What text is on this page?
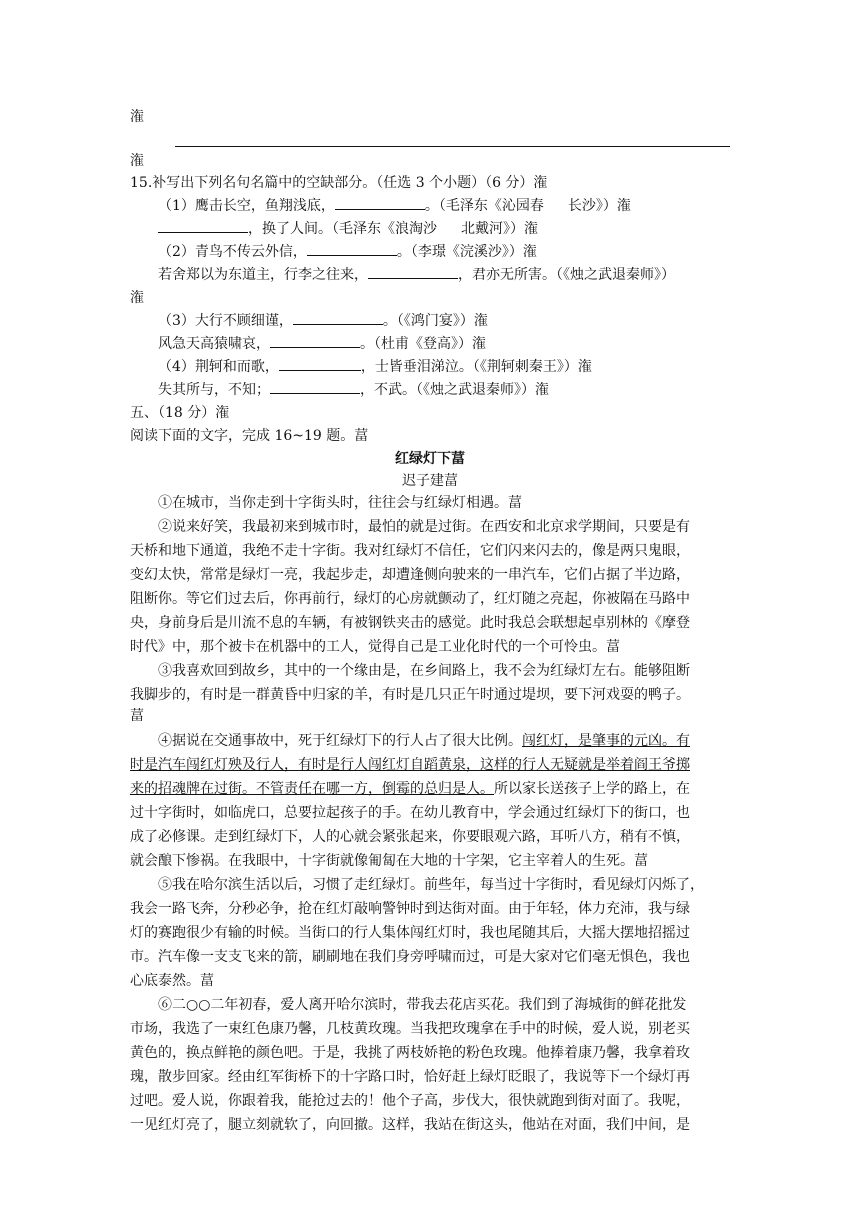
潅
潅
15.补写出下列名句名篇中的空缺部分。（任选 3 个小题）（6 分）潅
（1）鹰击长空，鱼翔浅底，	。（毛泽东《沁园春 长沙》）潅
，换了人间。（毛泽东《浪淘沙 北戴河》）潅
（2）青鸟不传云外信，	。（李璟《浣溪沙》）潅
若舍郑以为东道主，行李之往来，	，君亦无所害。（《烛之武退秦师》）
潅
（3）大行不顾细谨，	。（《鸿门宴》）潅
风急天高猿啸哀，	。（杜甫《登高》）潅
（4）荆轲和而歌，	，士皆垂泪涕泣。（《荆轲刺秦王》）潅
失其所与，不知；	，不武。（《烛之武退秦师》）潅
五、（18 分）潅
阅读下面的文字，完成 16~19 题。葍
红绿灯下葍
迟子建葍
①在城市，当你走到十字街头时，往往会与红绿灯相遇。葍
②说来好笑，我最初来到城市时，最怕的就是过街。在西安和北京求学期间，只要是有
天桥和地下通道，我绝不走十字街。我对红绿灯不信任，它们闪来闪去的，像是两只鬼眼，
变幻太快，常常是绿灯一亮，我起步走，却遭逢侧向驶来的一串汽车，它们占据了半边路，
阻断你。等它们过去后，你再前行，绿灯的心房就颤动了，红灯随之亮起，你被隔在马路中
央，身前身后是川流不息的车辆，有被钢铁夹击的感觉。此时我总会联想起卓别林的《摩登
时代》中，那个被卡在机器中的工人，觉得自己是工业化时代的一个可怜虫。葍
③我喜欢回到故乡，其中的一个缘由是，在乡间路上，我不会为红绿灯左右。能够阻断
我脚步的，有时是一群黄昏中归家的羊，有时是几只正午时通过堤坝，要下河戏耍的鸭子。
葍
④据说在交通事故中，死于红绿灯下的行人占了很大比例。闯红灯，是肇事的元凶。有
时是汽车闯红灯殃及行人，有时是行人闯红灯自蹈黄泉，这样的行人无疑就是举着阎王爷掷
来的招魂牌在过街。不管责任在哪一方，倒霉的总归是人。所以家长送孩子上学的路上，在
过十字街时，如临虎口，总要拉起孩子的手。在幼儿教育中，学会通过红绿灯下的街口，也
成了必修课。走到红绿灯下，人的心就会紧张起来，你要眼观六路，耳听八方，稍有不慎，
就会酿下惨祸。在我眼中，十字街就像匍匐在大地的十字架，它主宰着人的生死。葍
⑤我在哈尔滨生活以后，习惯了走红绿灯。前些年，每当过十字街时，看见绿灯闪烁了，
我会一路飞奔，分秒必争，抢在红灯敲响警钟时到达街对面。由于年轻，体力充沛，我与绿
灯的赛跑很少有输的时候。当街口的行人集体闯红灯时，我也尾随其后，大摇大摆地招摇过
市。汽车像一支支飞来的箭，刷刷地在我们身旁呼啸而过，可是大家对它们毫无惧色，我也
心底泰然。葍
⑥二○○二年初春，爱人离开哈尔滨时，带我去花店买花。我们到了海城街的鲜花批发
市场，我选了一束红色康乃馨，几枝黄玫瑰。当我把玫瑰拿在手中的时候，爱人说，别老买
黄色的，换点鲜艳的颜色吧。于是，我挑了两枝娇艳的粉色玫瑰。他捧着康乃馨，我拿着玫
瑰，散步回家。经由红军街桥下的十字路口时，恰好赶上绿灯眨眼了，我说等下一个绿灯再
过吧。爱人说，你跟着我，能抢过去的！他个子高，步伐大，很快就跑到街对面了。我呢，
一见红灯亮了，腿立刻就软了，向回撤。这样，我站在街这头，他站在对面，我们中间，是
